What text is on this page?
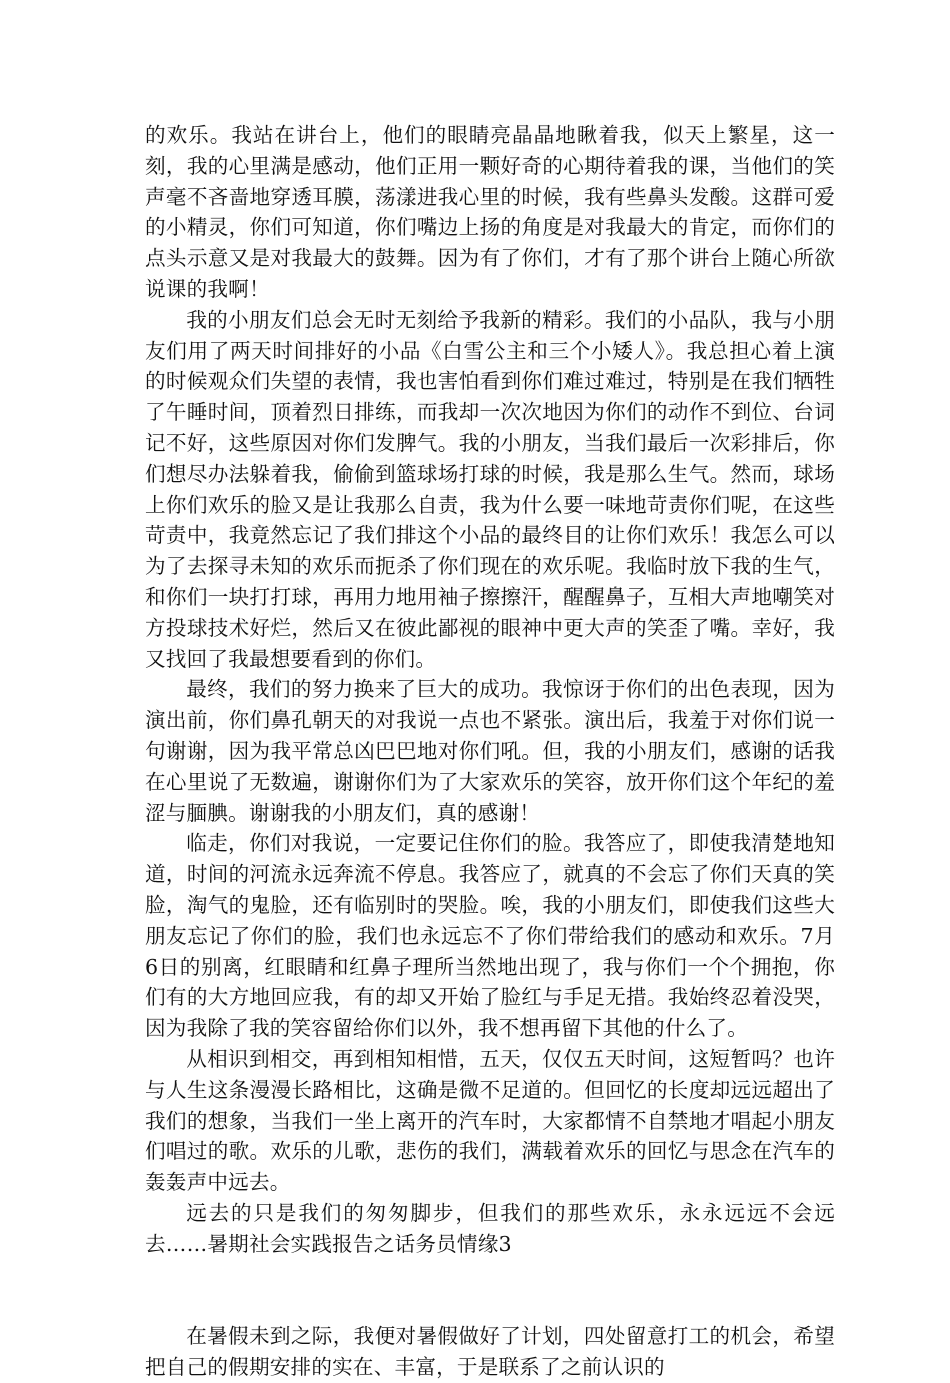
的欢乐。我站在讲台上，他们的眼睛亮晶晶地瞅着我，似天上繁星，这一刻，我的心里满是感动，他们正用一颗好奇的心期待着我的课，当他们的笑声毫不吝啬地穿透耳膜，荡漾进我心里的时候，我有些鼻头发酸。这群可爱的小精灵，你们可知道，你们嘴边上扬的角度是对我最大的肯定，而你们的点头示意又是对我最大的鼓舞。因为有了你们，才有了那个讲台上随心所欲说课的我啊！

我的小朋友们总会无时无刻给予我新的精彩。我们的小品队，我与小朋友们用了两天时间排好的小品《白雪公主和三个小矮人》。我总担心着上演的时候观众们失望的表情，我也害怕看到你们难过难过，特别是在我们牺牲了午睡时间，顶着烈日排练，而我却一次次地因为你们的动作不到位、台词记不好，这些原因对你们发脾气。我的小朋友，当我们最后一次彩排后，你们想尽办法躲着我，偷偷到篮球场打球的时候，我是那么生气。然而，球场上你们欢乐的脸又是让我那么自责，我为什么要一味地苛责你们呢，在这些苛责中，我竟然忘记了我们排这个小品的最终目的让你们欢乐！我怎么可以为了去探寻未知的欢乐而扼杀了你们现在的欢乐呢。我临时放下我的生气，和你们一块打打球，再用力地用袖子擦擦汗，醒醒鼻子，互相大声地嘲笑对方投球技术好烂，然后又在彼此鄙视的眼神中更大声的笑歪了嘴。幸好，我又找回了我最想要看到的你们。

最终，我们的努力换来了巨大的成功。我惊讶于你们的出色表现，因为演出前，你们鼻孔朝天的对我说一点也不紧张。演出后，我羞于对你们说一句谢谢，因为我平常总凶巴巴地对你们吼。但，我的小朋友们，感谢的话我在心里说了无数遍，谢谢你们为了大家欢乐的笑容，放开你们这个年纪的羞涩与腼腆。谢谢我的小朋友们，真的感谢！

临走，你们对我说，一定要记住你们的脸。我答应了，即使我清楚地知道，时间的河流永远奔流不停息。我答应了，就真的不会忘了你们天真的笑脸，淘气的鬼脸，还有临别时的哭脸。唉，我的小朋友们，即使我们这些大朋友忘记了你们的脸，我们也永远忘不了你们带给我们的感动和欢乐。7月6日的别离，红眼睛和红鼻子理所当然地出现了，我与你们一个个拥抱，你们有的大方地回应我，有的却又开始了脸红与手足无措。我始终忍着没哭，因为我除了我的笑容留给你们以外，我不想再留下其他的什么了。

从相识到相交，再到相知相惜，五天，仅仅五天时间，这短暂吗？也许与人生这条漫漫长路相比，这确是微不足道的。但回忆的长度却远远超出了我们的想象，当我们一坐上离开的汽车时，大家都情不自禁地才唱起小朋友们唱过的歌。欢乐的儿歌，悲伤的我们，满载着欢乐的回忆与思念在汽车的轰轰声中远去。

远去的只是我们的匆匆脚步，但我们的那些欢乐，永永远远不会远去……暑期社会实践报告之话务员情缘3

在暑假未到之际，我便对暑假做好了计划，四处留意打工的机会，希望把自己的假期安排的实在、丰富，于是联系了之前认识的
